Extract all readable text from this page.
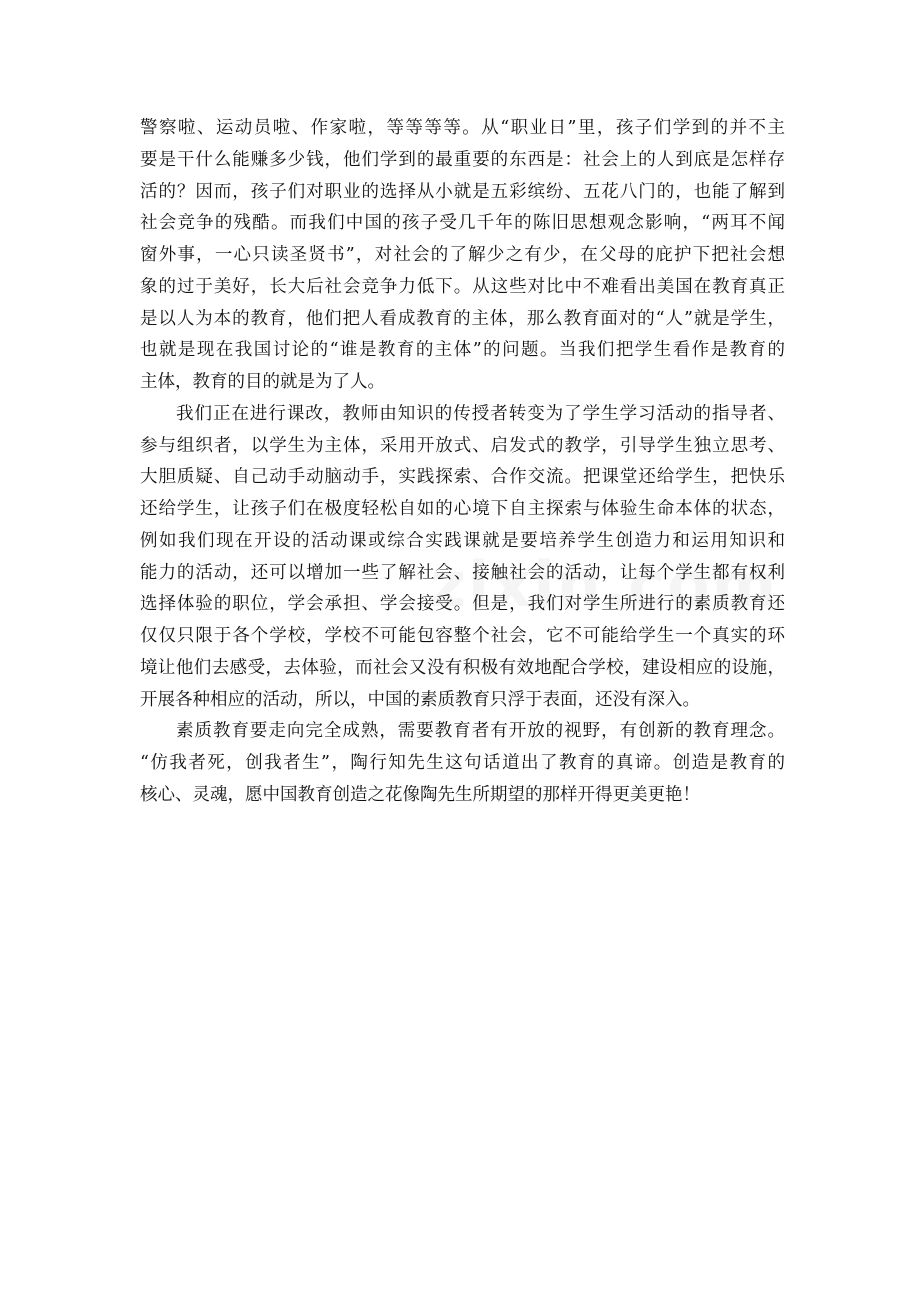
警察啦、运动员啦、作家啦，等等等等。从“职业日”里，孩子们学到的并不主
要是干什么能赚多少钱，他们学到的最重要的东西是：社会上的人到底是怎样存
活的？因而，孩子们对职业的选择从小就是五彩缤纷、五花八门的，也能了解到
社会竞争的残酷。而我们中国的孩子受几千年的陈旧思想观念影响，“两耳不闻
窗外事，一心只读圣贤书”，对社会的了解少之有少，在父母的庇护下把社会想
象的过于美好，长大后社会竞争力低下。从这些对比中不难看出美国在教育真正
是以人为本的教育，他们把人看成教育的主体，那么教育面对的“人”就是学生，
也就是现在我国讨论的“谁是教育的主体”的问题。当我们把学生看作是教育的
主体，教育的目的就是为了人。
我们正在进行课改，教师由知识的传授者转变为了学生学习活动的指导者、
参与组织者，以学生为主体，采用开放式、启发式的教学，引导学生独立思考、
大胆质疑、自己动手动脑动手，实践探索、合作交流。把课堂还给学生，把快乐
还给学生，让孩子们在极度轻松自如的心境下自主探索与体验生命本体的状态，
例如我们现在开设的活动课或综合实践课就是要培养学生创造力和运用知识和
能力的活动，还可以增加一些了解社会、接触社会的活动，让每个学生都有权利
选择体验的职位，学会承担、学会接受。但是，我们对学生所进行的素质教育还
仅仅只限于各个学校，学校不可能包容整个社会，它不可能给学生一个真实的环
境让他们去感受，去体验，而社会又没有积极有效地配合学校，建设相应的设施，
开展各种相应的活动，所以，中国的素质教育只浮于表面，还没有深入。
素质教育要走向完全成熟，需要教育者有开放的视野，有创新的教育理念。
“仿我者死，创我者生”，陶行知先生这句话道出了教育的真谛。创造是教育的
核心、灵魂，愿中国教育创造之花像陶先生所期望的那样开得更美更艳！
